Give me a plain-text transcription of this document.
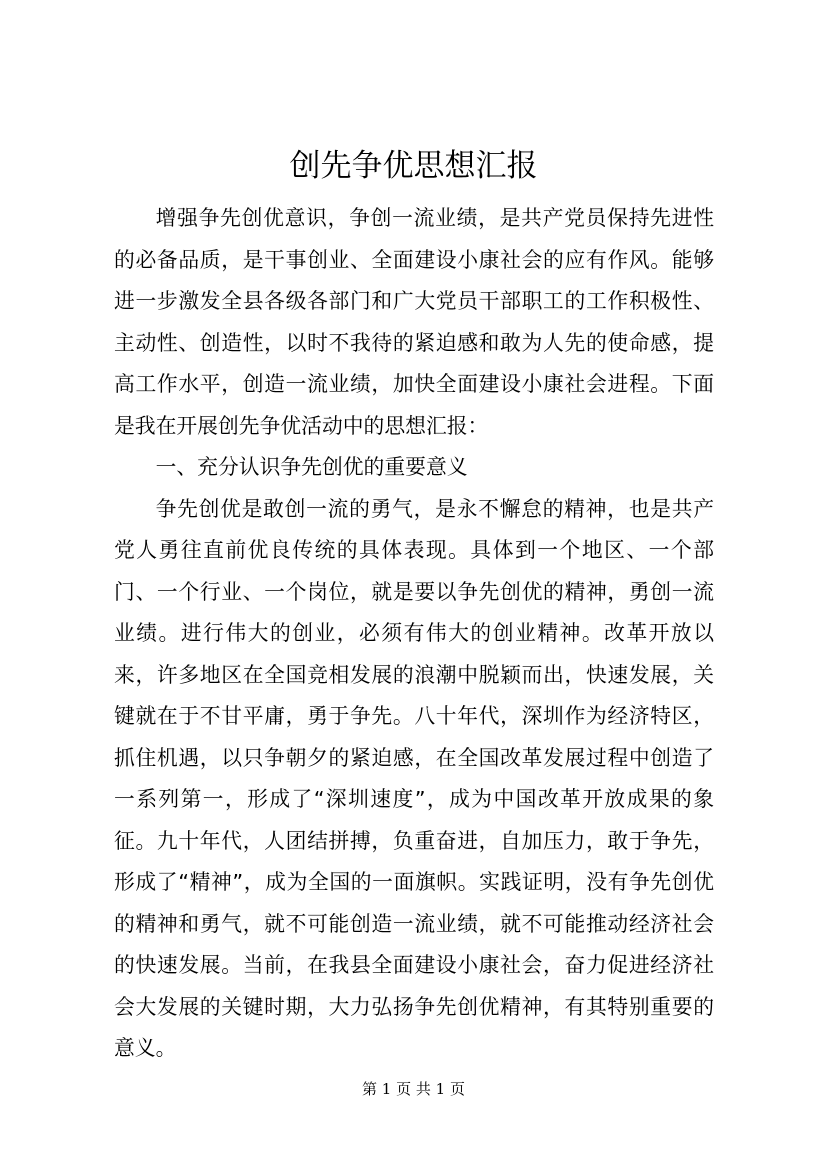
创先争优思想汇报

增强争先创优意识，争创一流业绩，是共产党员保持先进性的必备品质，是干事创业、全面建设小康社会的应有作风。能够进一步激发全县各级各部门和广大党员干部职工的工作积极性、主动性、创造性，以时不我待的紧迫感和敢为人先的使命感，提高工作水平，创造一流业绩，加快全面建设小康社会进程。下面是我在开展创先争优活动中的思想汇报：

一、充分认识争先创优的重要意义

争先创优是敢创一流的勇气，是永不懈怠的精神，也是共产党人勇往直前优良传统的具体表现。具体到一个地区、一个部门、一个行业、一个岗位，就是要以争先创优的精神，勇创一流业绩。进行伟大的创业，必须有伟大的创业精神。改革开放以来，许多地区在全国竞相发展的浪潮中脱颖而出，快速发展，关键就在于不甘平庸，勇于争先。八十年代，深圳作为经济特区，抓住机遇，以只争朝夕的紧迫感，在全国改革发展过程中创造了一系列第一，形成了“深圳速度”，成为中国改革开放成果的象征。九十年代，人团结拼搏，负重奋进，自加压力，敢于争先，形成了“精神”，成为全国的一面旗帜。实践证明，没有争先创优的精神和勇气，就不可能创造一流业绩，就不可能推动经济社会的快速发展。当前，在我县全面建设小康社会，奋力促进经济社会大发展的关键时期，大力弘扬争先创优精神，有其特别重要的意义。

第 1 页 共 1 页
